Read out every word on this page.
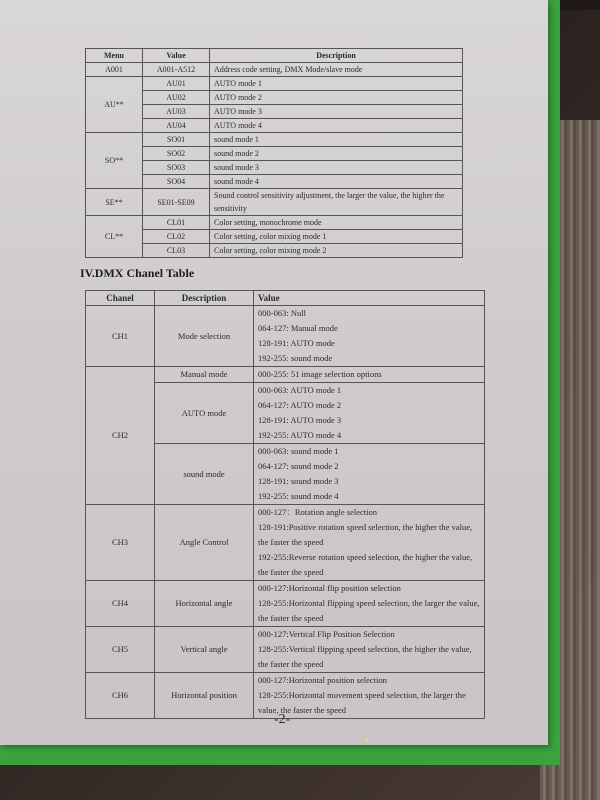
Menu	Value	Description
A001	A001-A512	Address code setting, DMX Mode/slave mode
AU**	AU01	AUTO mode 1
	AU02	AUTO mode 2
	AU03	AUTO mode 3
	AU04	AUTO mode 4
SO**	SO01	sound mode 1
	SO02	sound mode 2
	SO03	sound mode 3
	SO04	sound mode 4
SE**	SE01-SE09	Sound control sensitivity adjustment, the larger the value, the higher the sensitivity
CL**	CL01	Color setting, monochrome mode
	CL02	Color setting, color mixing mode 1
	CL03	Color setting, color mixing mode 2
IV.DMX Chanel Table
Chanel	Description	Value
CH1	Mode selection	000-063: Null
064-127: Manual mode
128-191: AUTO mode
192-255: sound mode

CH2	Manual mode	000-255: 51 image selection options

	AUTO mode	000-063: AUTO mode 1
064-127: AUTO mode 2
128-191: AUTO mode 3
192-255: AUTO mode 4

	sound mode	000-063: sound mode 1
064-127: sound mode 2
128-191: sound mode 3
192-255: sound mode 4

CH3	Angle Control	000-127：Rotation angle selection
128-191:Positive rotation speed selection, the higher the value, the faster the speed
192-255:Reverse rotation speed selection, the higher the value, the faster the speed

CH4	Horizontal angle	000-127:Horizontal flip position selection
128-255:Horizontal flipping speed selection, the larger the value, the faster the speed

CH5	Vertical angle	000-127:Vertical Flip Position Selection
128-255:Vertical flipping speed selection, the higher the value, the faster the speed

CH6	Horizontal position	000-127:Horizontal position selection
128-255:Horizontal movement speed selection, the larger the value, the faster the speed
-2-
